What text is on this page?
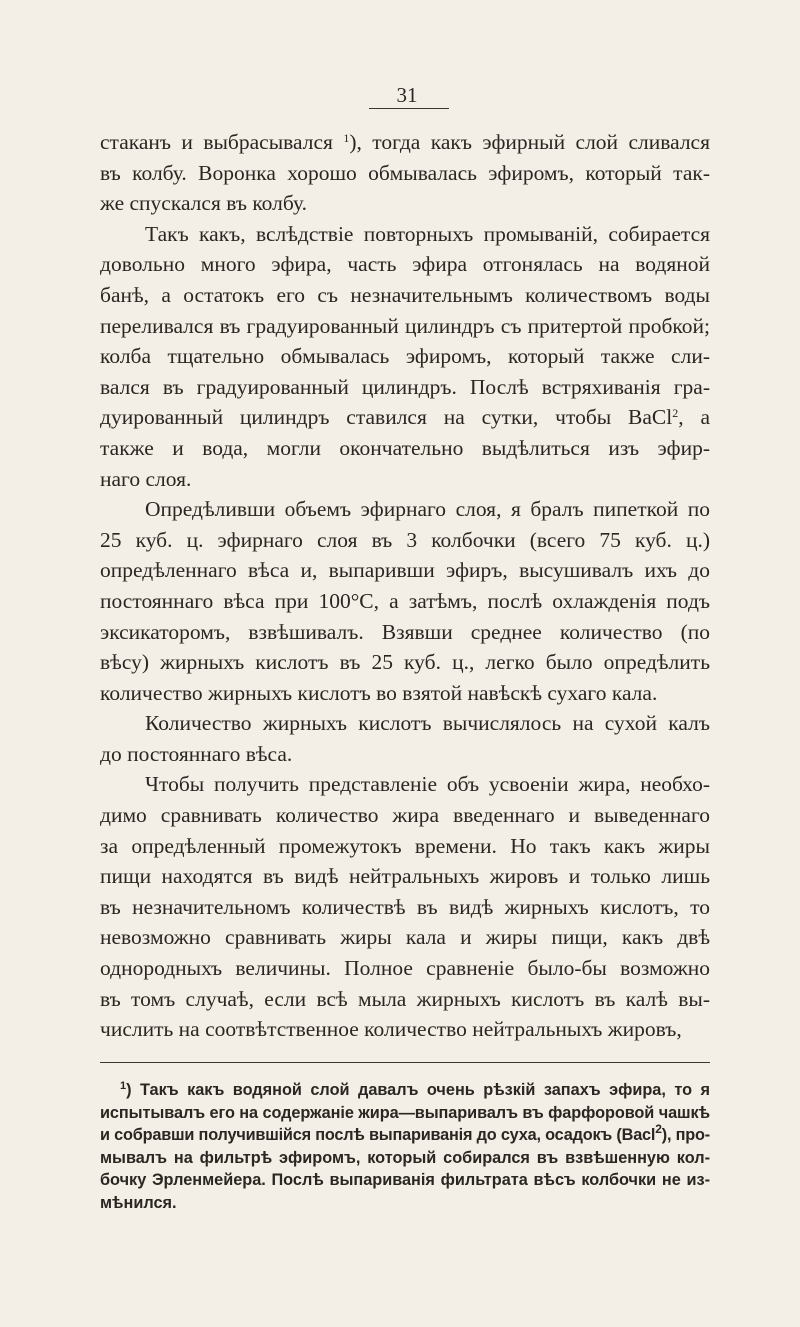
31
стаканъ и выбрасывался $^1$), тогда какъ эфирный слой сливался
въ колбу. Воронка хорошо обмывалась эфиромъ, который так-
же спускался въ колбу.
Такъ какъ, вслѣдствіе повторныхъ промываній, собирается
довольно много эфира, часть эфира отгонялась на водяной
банѣ, а остатокъ его съ незначительнымъ количествомъ воды
переливался въ градуированный цилиндръ съ притертой пробкой;
колба тщательно обмывалась эфиромъ, который также сли-
вался въ градуированный цилиндръ. Послѣ встряхиванія гра-
дуированный цилиндръ ставился на сутки, чтобы BaCl$^2$, а
также и вода, могли окончательно выдѣлиться изъ эфир-
наго слоя.
Опредѣливши объемъ эфирнаго слоя, я бралъ пипеткой по
25 куб. ц. эфирнаго слоя въ 3 колбочки (всего 75 куб. ц.)
опредѣленнаго вѣса и, выпаривши эфиръ, высушивалъ ихъ до
постояннаго вѣса при 100°С, а затѣмъ, послѣ охлажденія подъ
эксикаторомъ, взвѣшивалъ. Взявши среднее количество (по
вѣсу) жирныхъ кислотъ въ 25 куб. ц., легко было опредѣлить
количество жирныхъ кислотъ во взятой навѣскѣ сухаго кала.
Количество жирныхъ кислотъ вычислялось на сухой калъ
до постояннаго вѣса.
Чтобы получить представленіе объ усвоеніи жира, необхо-
димо сравнивать количество жира введеннаго и выведеннаго
за опредѣленный промежутокъ времени. Но такъ какъ жиры
пищи находятся въ видѣ нейтральныхъ жировъ и только лишь
въ незначительномъ количествѣ въ видѣ жирныхъ кислотъ, то
невозможно сравнивать жиры кала и жиры пищи, какъ двѣ
однородныхъ величины. Полное сравненіе было-бы возможно
въ томъ случаѣ, если всѣ мыла жирныхъ кислотъ въ калѣ вы-
числить на соотвѣтственное количество нейтральныхъ жировъ,
$^1$) Такъ какъ водяной слой давалъ очень рѣзкій запахъ эфира, то я
испытывалъ его на содержаніе жира—выпаривалъ въ фарфоровой чашкѣ
и собравши получившійся послѣ выпариванія до суха, осадокъ (Bacl$^2$), про-
мывалъ на фильтрѣ эфиромъ, который собирался въ взвѣшенную кол-
бочку Эрленмейера. Послѣ выпариванія фильтрата вѣсъ колбочки не из-
мѣнился.
